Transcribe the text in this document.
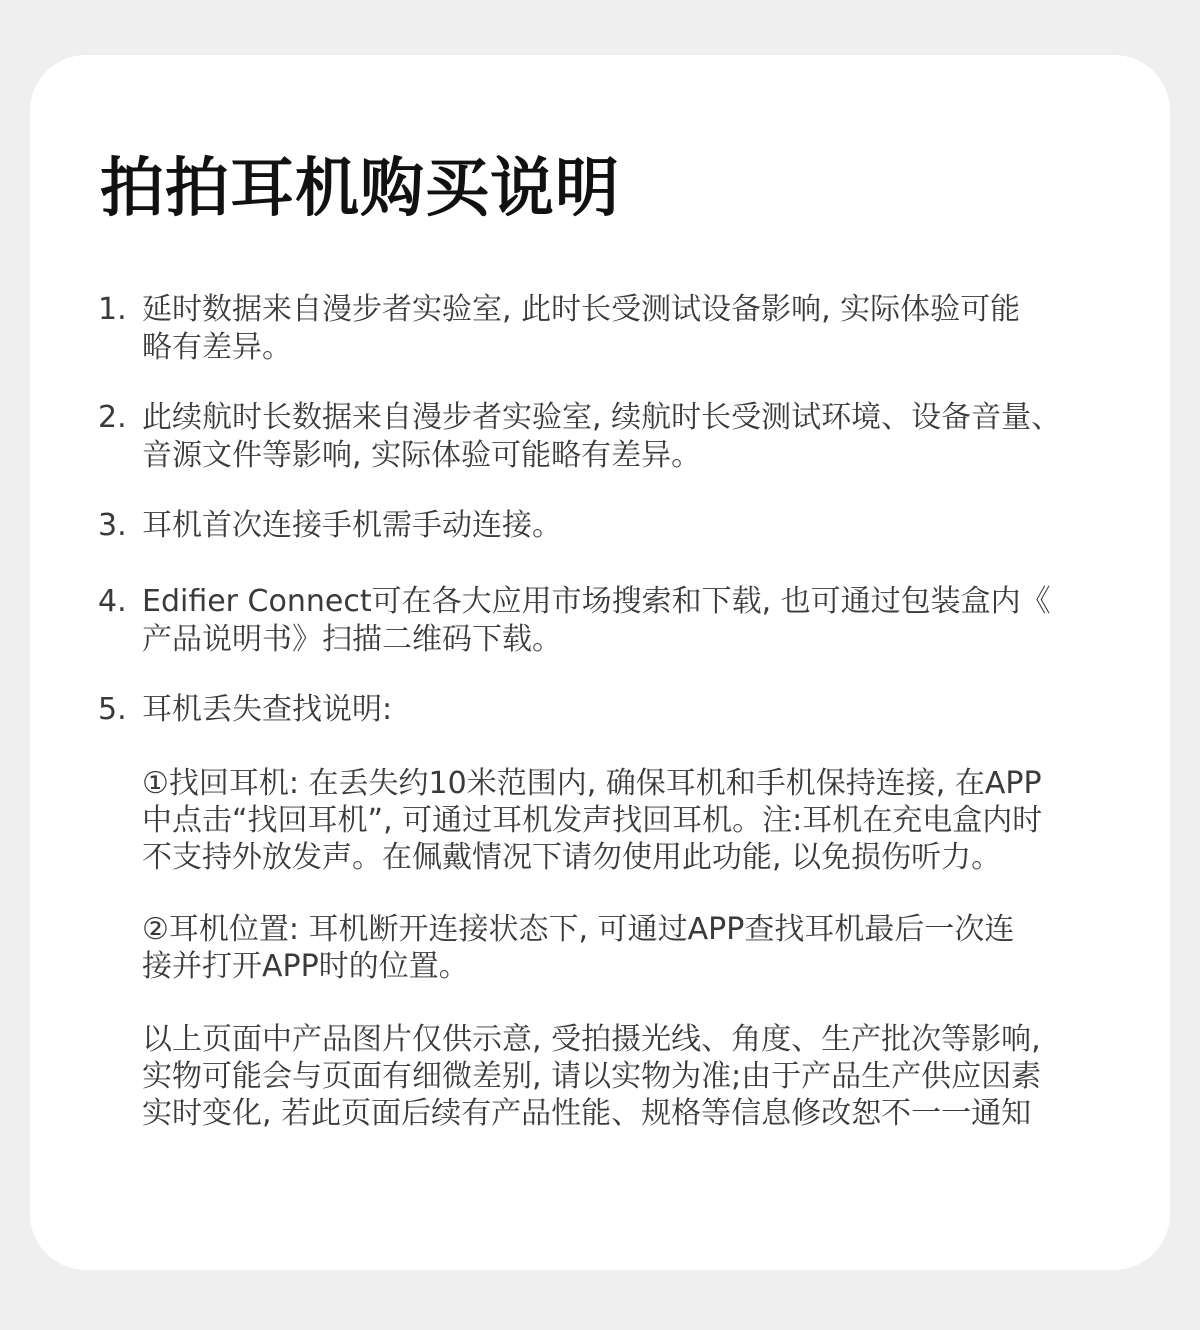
拍拍耳机购买说明
1. 延时数据来自漫步者实验室, 此时长受测试设备影响, 实际体验可能
略有差异。
2. 此续航时长数据来自漫步者实验室, 续航时长受测试环境、设备音量、
音源文件等影响, 实际体验可能略有差异。
3. 耳机首次连接手机需手动连接。
4. Edifier Connect可在各大应用市场搜索和下载, 也可通过包装盒内《
产品说明书》扫描二维码下载。
5. 耳机丢失查找说明:
①找回耳机: 在丢失约10米范围内, 确保耳机和手机保持连接, 在APP
中点击“找回耳机”, 可通过耳机发声找回耳机。注:耳机在充电盒内时
不支持外放发声。在佩戴情况下请勿使用此功能, 以免损伤听力。
②耳机位置: 耳机断开连接状态下, 可通过APP查找耳机最后一次连
接并打开APP时的位置。
以上页面中产品图片仅供示意, 受拍摄光线、角度、生产批次等影响,
实物可能会与页面有细微差别, 请以实物为准;由于产品生产供应因素
实时变化, 若此页面后续有产品性能、规格等信息修改恕不一一通知
